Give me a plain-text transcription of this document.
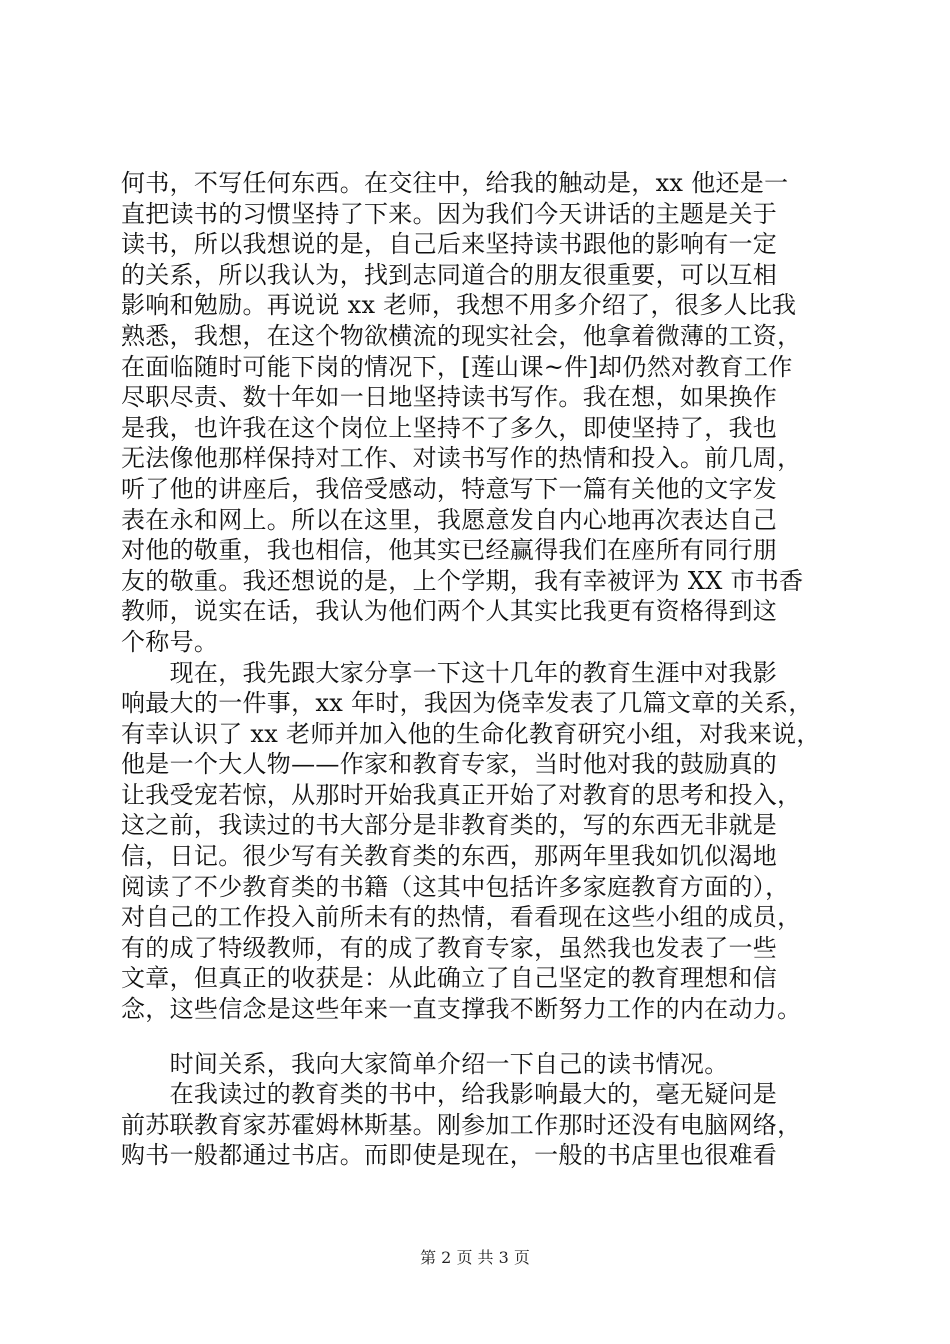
何书，不写任何东西。在交往中，给我的触动是，xx 他还是一
直把读书的习惯坚持了下来。因为我们今天讲话的主题是关于
读书，所以我想说的是，自己后来坚持读书跟他的影响有一定
的关系，所以我认为，找到志同道合的朋友很重要，可以互相
影响和勉励。再说说 xx 老师，我想不用多介绍了，很多人比我
熟悉，我想，在这个物欲横流的现实社会，他拿着微薄的工资，
在面临随时可能下岗的情况下，[莲山课~件]却仍然对教育工作
尽职尽责、数十年如一日地坚持读书写作。我在想，如果换作
是我，也许我在这个岗位上坚持不了多久，即使坚持了，我也
无法像他那样保持对工作、对读书写作的热情和投入。前几周，
听了他的讲座后，我倍受感动，特意写下一篇有关他的文字发
表在永和网上。所以在这里，我愿意发自内心地再次表达自己
对他的敬重，我也相信，他其实已经赢得我们在座所有同行朋
友的敬重。我还想说的是，上个学期，我有幸被评为 XX 市书香
教师，说实在话，我认为他们两个人其实比我更有资格得到这
个称号。
　　现在，我先跟大家分享一下这十几年的教育生涯中对我影
响最大的一件事，xx 年时，我因为侥幸发表了几篇文章的关系，
有幸认识了 xx 老师并加入他的生命化教育研究小组，对我来说，
他是一个大人物——作家和教育专家，当时他对我的鼓励真的
让我受宠若惊，从那时开始我真正开始了对教育的思考和投入，
这之前，我读过的书大部分是非教育类的，写的东西无非就是
信，日记。很少写有关教育类的东西，那两年里我如饥似渴地
阅读了不少教育类的书籍（这其中包括许多家庭教育方面的），
对自己的工作投入前所未有的热情，看看现在这些小组的成员，
有的成了特级教师，有的成了教育专家，虽然我也发表了一些
文章，但真正的收获是：从此确立了自己坚定的教育理想和信
念，这些信念是这些年来一直支撑我不断努力工作的内在动力。
　　时间关系，我向大家简单介绍一下自己的读书情况。
　　在我读过的教育类的书中，给我影响最大的，毫无疑问是
前苏联教育家苏霍姆林斯基。刚参加工作那时还没有电脑网络，
购书一般都通过书店。而即使是现在，一般的书店里也很难看
第 2 页 共 3 页
